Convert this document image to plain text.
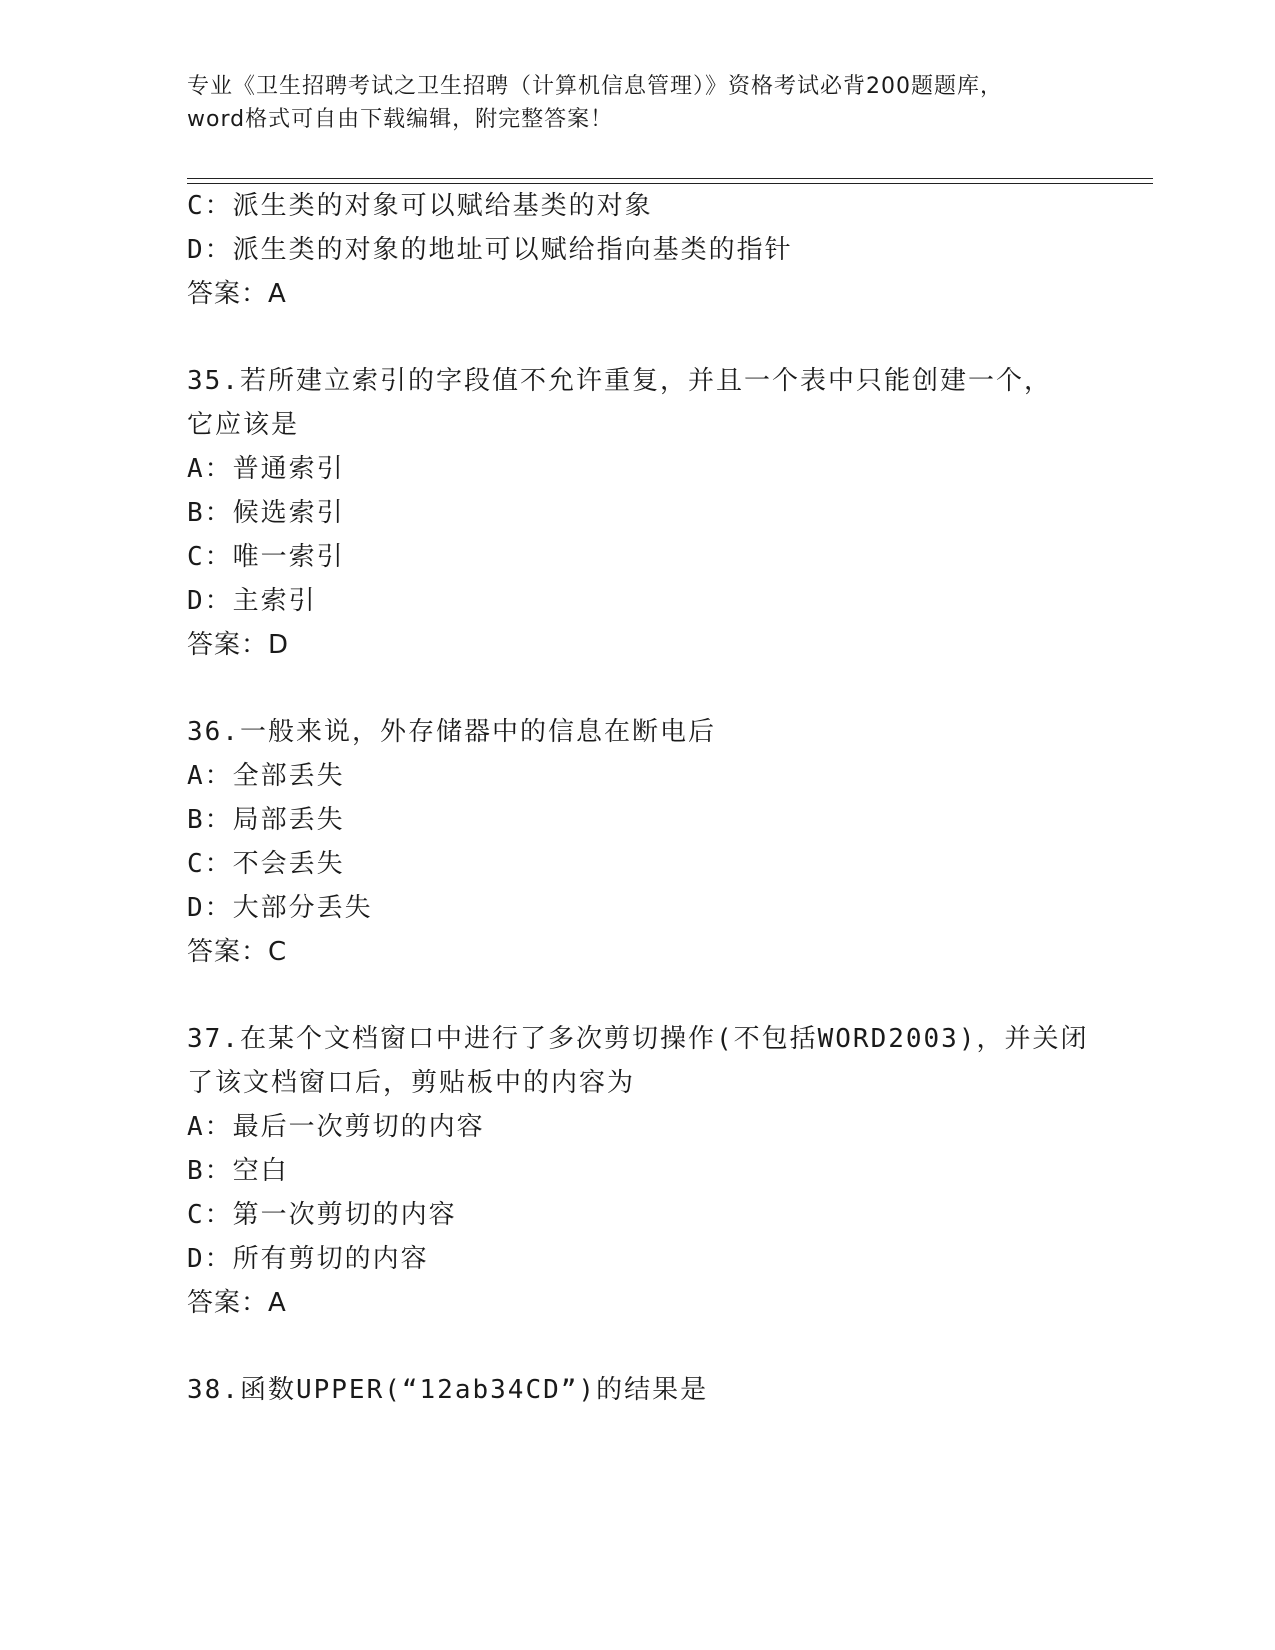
专业《卫生招聘考试之卫生招聘（计算机信息管理）》资格考试必背200题题库，
word格式可自由下载编辑，附完整答案！
C：派生类的对象可以赋给基类的对象
D：派生类的对象的地址可以赋给指向基类的指针
答案：A
35.若所建立索引的字段值不允许重复，并且一个表中只能创建一个，
它应该是
A：普通索引
B：候选索引
C：唯一索引
D：主索引
答案：D
36.一般来说，外存储器中的信息在断电后
A：全部丢失
B：局部丢失
C：不会丢失
D：大部分丢失
答案：C
37.在某个文档窗口中进行了多次剪切操作(不包括WORD2003)，并关闭
了该文档窗口后，剪贴板中的内容为
A：最后一次剪切的内容
B：空白
C：第一次剪切的内容
D：所有剪切的内容
答案：A
38.函数UPPER(“12ab34CD”)的结果是
